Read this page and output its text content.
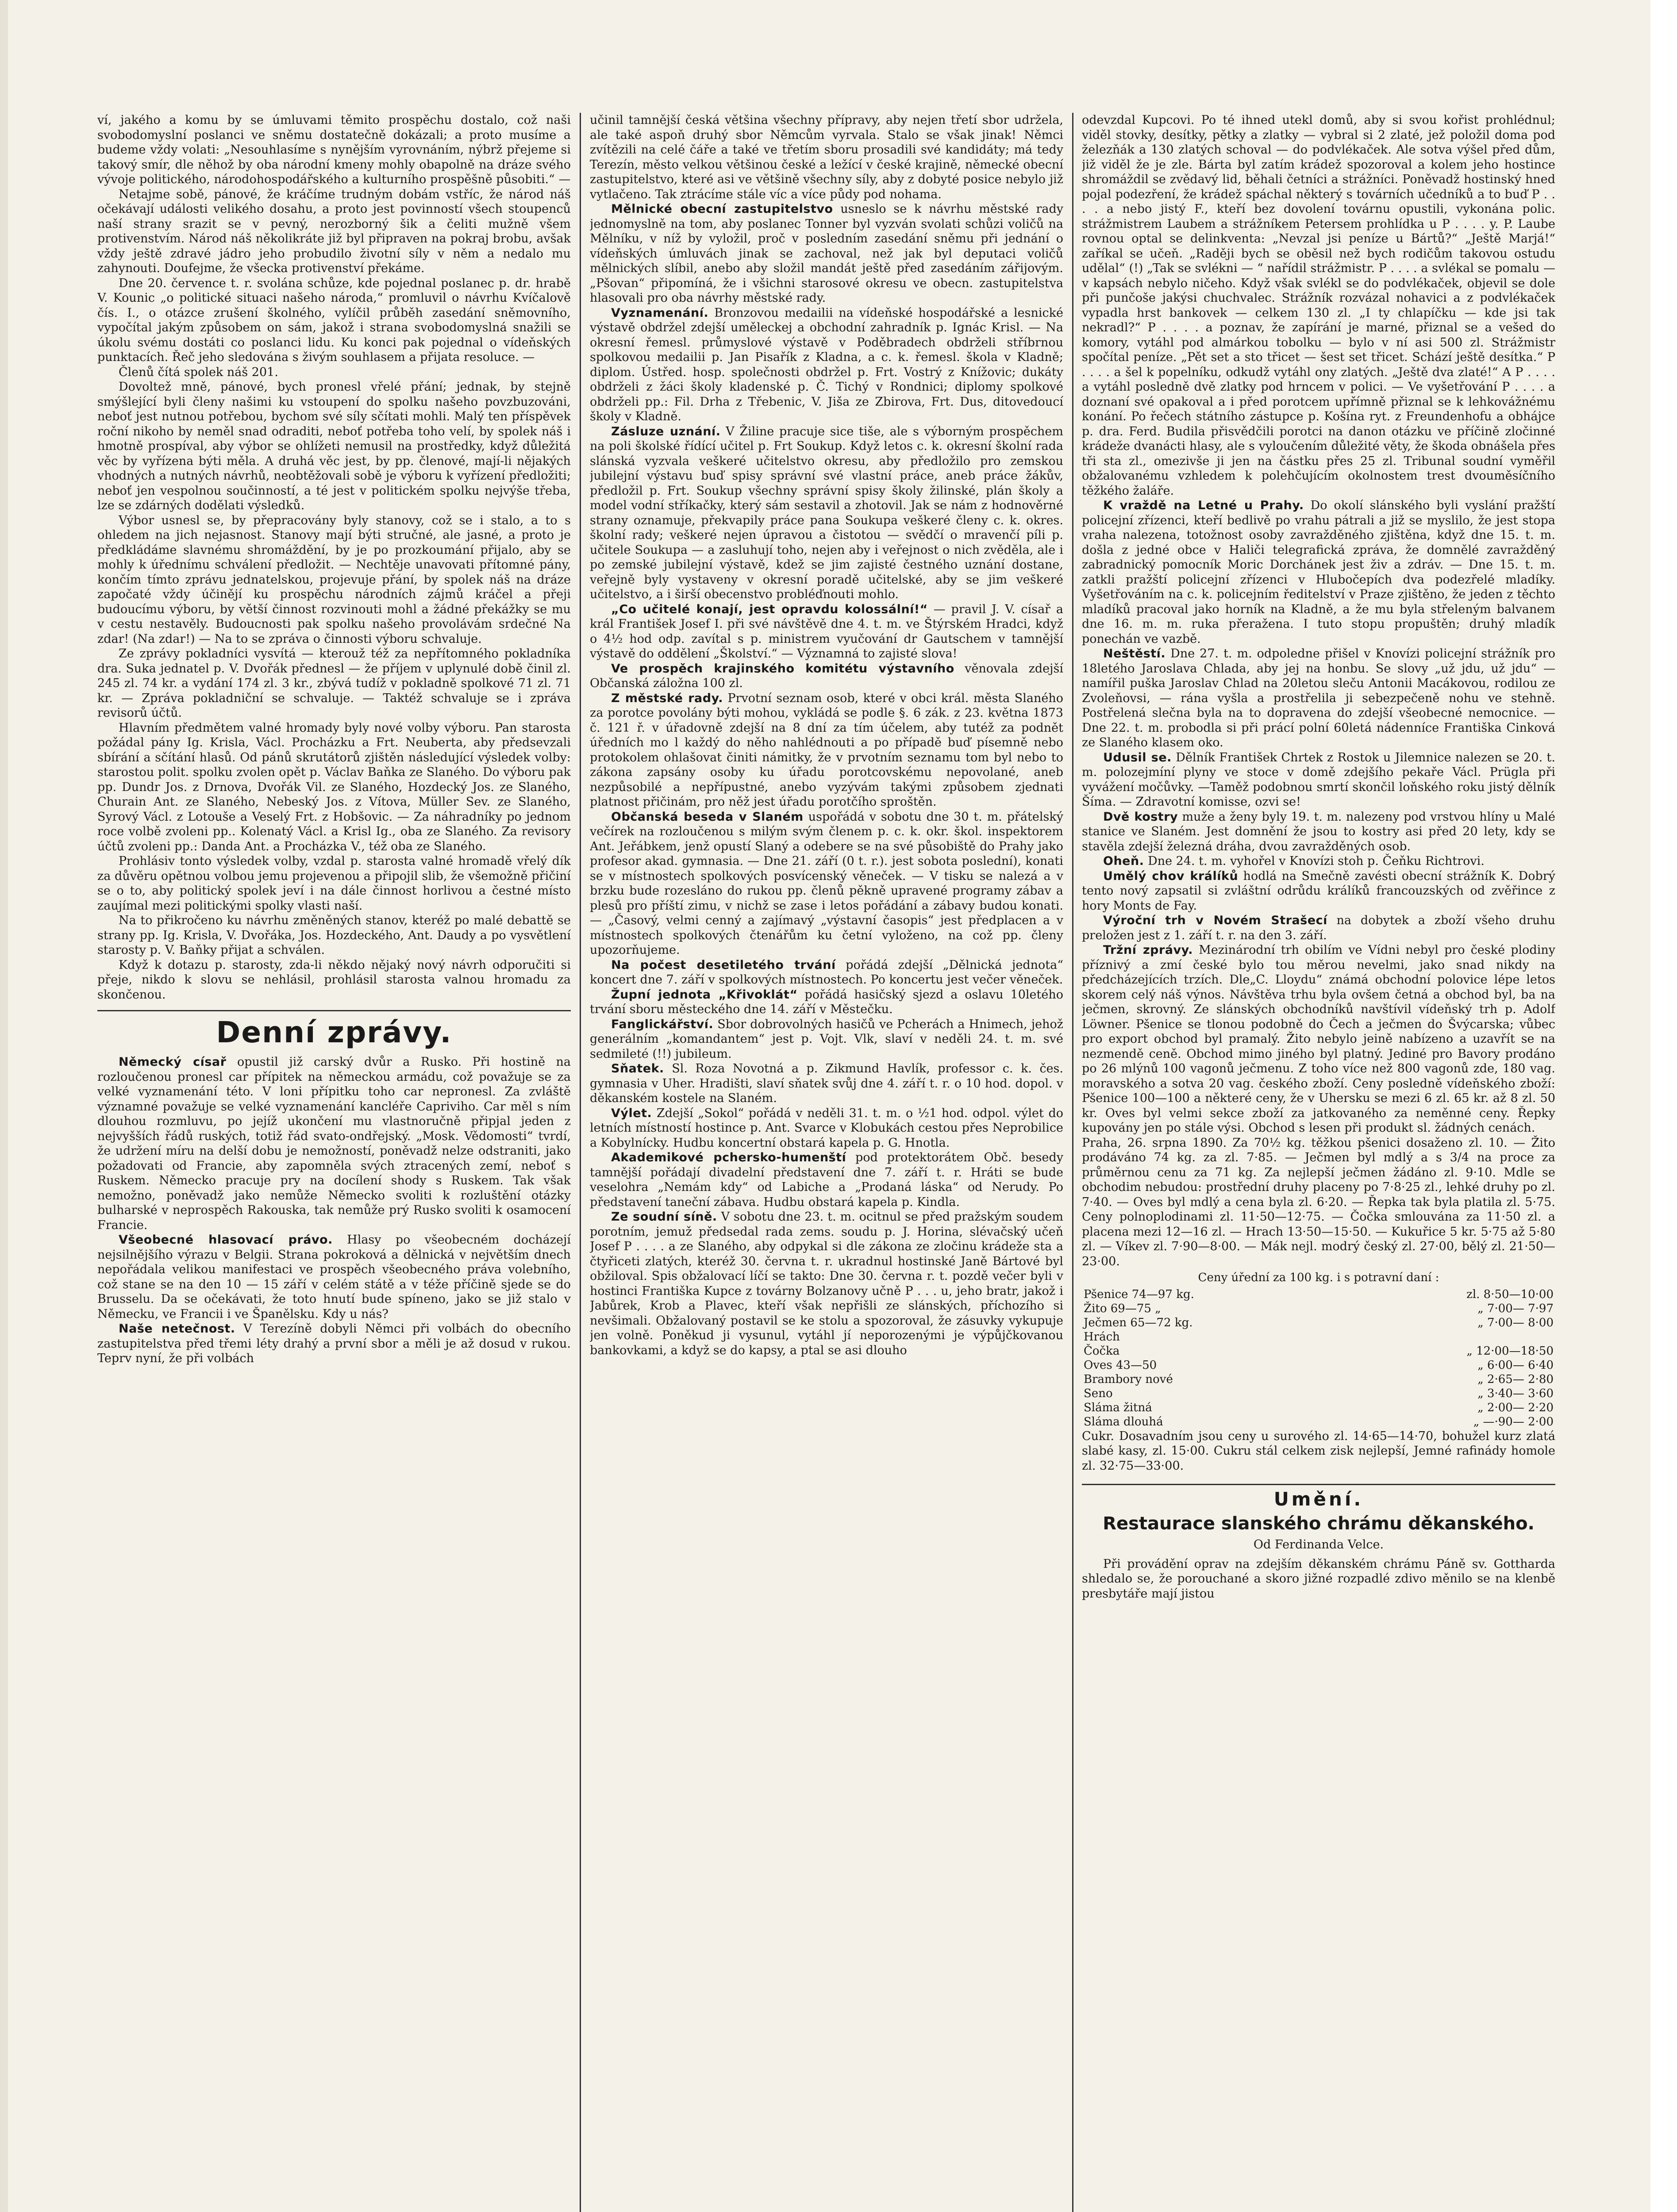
ví, jakého a komu by se úmluvami těmito prospěchu dostalo, což naši svobodomyslní poslanci ve sněmu dostatečně dokázali; a proto musíme a budeme vždy volati: „Nesouhlasíme s nynějším vyrovnáním, nýbrž přejeme si takový smír, dle něhož by oba národní kmeny mohly obapolně na dráze svého vývoje politického, národohospodářského a kulturního prospěšně působiti.“ —

Netajme sobě, pánové, že kráčíme trudným dobám vstříc, že národ náš očekávají události velikého dosahu, a proto jest povinností všech stoupenců naší strany srazit se v pevný, nerozborný šik a čeliti mužně všem protivenstvím. Národ náš několikráte již byl připraven na pokraj brobu, avšak vždy ještě zdravé jádro jeho probudilo životní síly v něm a nedalo mu zahynouti. Doufejme, že všecka protivenství překáme.

Dne 20. července t. r. svolána schůze, kde pojednal poslanec p. dr. hrabě V. Kounic „o politické situaci našeho národa,“ promluvil o návrhu Kvíčalově čís. I., o otázce zrušení školného, vylíčil průběh zasedání sněmovního, vypočítal jakým způsobem on sám, jakož i strana svobodomyslná snažili se úkolu svému dostáti co poslanci lidu. Ku konci pak pojednal o vídeňských punktacích. Řeč jeho sledována s živým souhlasem a přijata resoluce. —

Členů čítá spolek náš 201.

Dovoltež mně, pánové, bych pronesl vřelé přání; jednak, by stejně smýšlející byli členy našimi ku vstoupení do spolku našeho povzbuzováni, neboť jest nutnou potřebou, bychom své síly sčítati mohli. Malý ten příspěvek roční nikoho by neměl snad odraditi, neboť potřeba toho velí, by spolek náš i hmotně prospíval, aby výbor se ohlížeti nemusil na prostředky, když důležitá věc by vyřízena býti měla. A druhá věc jest, by pp. členové, mají-li nějakých vhodných a nutných návrhů, neobtěžovali sobě je výboru k vyřízení předložiti; neboť jen vespolnou součinností, a té jest v politickém spolku nejvýše třeba, lze se zdárných dodělati výsledků.

Výbor usnesl se, by přepracovány byly stanovy, což se i stalo, a to s ohledem na jich nejasnost. Stanovy mají býti stručné, ale jasné, a proto je předkládáme slavnému shromáždění, by je po prozkoumání přijalo, aby se mohly k úřednímu schválení předložit. — Nechtěje unavovati přítomné pány, končím tímto zprávu jednatelskou, projevuje přání, by spolek náš na dráze započaté vždy účinějí ku prospěchu národních zájmů kráčel a přeji budoucímu výboru, by větší činnost rozvinouti mohl a žádné překážky se mu v cestu nestavěly. Budoucnosti pak spolku našeho provolávám srdečné Na zdar! (Na zdar!) — Na to se zpráva o činnosti výboru schvaluje.

Ze zprávy pokladníci vysvítá — kterouž též za nepřítomného pokladníka dra. Suka jednatel p. V. Dvořák přednesl — že příjem v uplynulé době činil zl. 245 zl. 74 kr. a vydání 174 zl. 3 kr., zbývá tudíž v pokladně spolkové 71 zl. 71 kr. — Zpráva pokladniční se schvaluje. — Taktéž schvaluje se i zpráva revisorů účtů.

Hlavním předmětem valné hromady byly nové volby výboru. Pan starosta požádal pány Ig. Krisla, Václ. Procházku a Frt. Neuberta, aby předsevzali sbírání a sčítání hlasů. Od pánů skrutátorů zjištěn následující výsledek volby: starostou polit. spolku zvolen opět p. Václav Baňka ze Slaného. Do výboru pak pp. Dundr Jos. z Drnova, Dvořák Vil. ze Slaného, Hozdecký Jos. ze Slaného, Churain Ant. ze Slaného, Nebeský Jos. z Vítova, Müller Sev. ze Slaného, Syrový Václ. z Lotouše a Veselý Frt. z Hobšovic. — Za náhradníky po jednom roce volbě zvoleni pp.. Kolenatý Václ. a Krisl Ig., oba ze Slaného. Za revisory účtů zvoleni pp.: Danda Ant. a Procházka V., též oba ze Slaného.

Prohlásiv tonto výsledek volby, vzdal p. starosta valné hromadě vřelý dík za důvěru opětnou volbou jemu projevenou a připojil slib, že všemožně přičiní se o to, aby politický spolek jeví i na dále činnost horlivou a čestné místo zaujímal mezi politickými spolky vlasti naší.

Na to přikročeno ku návrhu změněných stanov, kteréž po malé debattě se strany pp. Ig. Krisla, V. Dvořáka, Jos. Hozdeckého, Ant. Daudy a po vysvětlení starosty p. V. Baňky přijat a schválen.

Když k dotazu p. starosty, zda-li někdo nějaký nový návrh odporučiti si přeje, nikdo k slovu se nehlásil, prohlásil starosta valnou hromadu za skončenou.

Denní zprávy.

Německý císař opustil již carský dvůr a Rusko. Při hostině na rozloučenou pronesl car přípitek na německou armádu, což považuje se za velké vyznamenání této. V loni přípitku toho car nepronesl. Za zvláště významné považuje se velké vyznamenání kancléře Capriviho. Car měl s ním dlouhou rozmluvu, po jejíž ukončení mu vlastnoručně připjal jeden z nejvyšších řádů ruských, totiž řád svato-ondřejský. „Mosk. Vědomosti“ tvrdí, že udržení míru na delší dobu je nemožností, poněvadž nelze odstraniti, jako požadovati od Francie, aby zapomněla svých ztracených zemí, neboť s Ruskem. Německo pracuje pry na docílení shody s Ruskem. Tak však nemožno, poněvadž jako nemůže Německo svoliti k rozluštění otázky bulharské v neprospěch Rakouska, tak nemůže prý Rusko svoliti k osamocení Francie.

Všeobecné hlasovací právo. Hlasy po všeobecném docházejí nejsilnějšího výrazu v Belgii. Strana pokroková a dělnická v největším dnech nepořádala velikou manifestaci ve prospěch všeobecného práva volebního, což stane se na den 10 — 15 září v celém státě a v téže příčině sjede se do Brusselu. Da se očekávati, že toto hnutí bude spíneno, jako se již stalo v Německu, ve Francii i ve Španělsku. Kdy u nás?

Naše netečnost. V Terezíně dobyli Němci při volbách do obecního zastupitelstva před třemi léty drahý a první sbor a měli je až dosud v rukou. Teprv nyní, že při volbách

učinil tamnější česká většina všechny přípravy, aby nejen třetí sbor udržela, ale také aspoň druhý sbor Němcům vyrvala. Stalo se však jinak! Němci zvítězili na celé čáře a také ve třetím sboru prosadili své kandidáty; má tedy Terezín, město velkou většinou české a ležící v české krajině, německé obecní zastupitelstvo, které asi ve většině všechny síly, aby z dobyté posice nebylo již vytlačeno. Tak ztrácíme stále víc a více půdy pod nohama.

Mělnické obecní zastupitelstvo usneslo se k návrhu městské rady jednomyslně na tom, aby poslanec Tonner byl vyzván svolati schůzi voličů na Mělníku, v níž by vyložil, proč v posledním zasedání sněmu při jednání o vídeňských úmluvách jinak se zachoval, než jak byl deputaci voličů mělnických slíbil, anebo aby složil mandát ještě před zasedáním zářijovým. „Pšovan“ připomíná, že i všichni starosové okresu ve obecn. zastupitelstva hlasovali pro oba návrhy městské rady.

Vyznamenání. Bronzovou medailii na vídeňské hospodářské a lesnické výstavě obdržel zdejší uměleckej a obchodní zahradník p. Ignác Krisl. — Na okresní řemesl. průmyslové výstavě v Poděbradech obdrželi stříbrnou spolkovou medailii p. Jan Pisařík z Kladna, a c. k. řemesl. škola v Kladně; diplom. Ústřed. hosp. společnosti obdržel p. Frt. Vostrý z Knížovic; dukáty obdrželi z žáci školy kladenské p. Č. Tichý v Rondnici; diplomy spolkové obdrželi pp.: Fil. Drha z Třebenic, V. Jiša ze Zbirova, Frt. Dus, ditovedoucí školy v Kladně.

Zásluze uznání. V Žiline pracuje sice tiše, ale s výborným prospěchem na poli školské řídící učitel p. Frt Soukup. Když letos c. k. okresní školní rada slánská vyzvala veškeré učitelstvo okresu, aby předložilo pro zemskou jubilejní výstavu buď spisy správní své vlastní práce, aneb práce žákův, předložil p. Frt. Soukup všechny správní spisy školy žilinské, plán školy a model vodní stříkačky, který sám sestavil a zhotovil. Jak se nám z hodnověrné strany oznamuje, překvapily práce pana Soukupa veškeré členy c. k. okres. školní rady; veškeré nejen úpravou a čistotou — svědčí o mravenčí píli p. učitele Soukupa — a zasluhují toho, nejen aby i veřejnost o nich zvěděla, ale i po zemské jubilejní výstavě, kdež se jim zajisté čestného uznání dostane, veřejně byly vystaveny v okresní poradě učitelské, aby se jim veškeré učitelstvo, a i širší obecenstvo probléďnouti mohlo.

„Co učitelé konají, jest opravdu kolossální!“ — pravil J. V. císař a král František Josef I. při své návštěvě dne 4. t. m. ve Štýrském Hradci, když o 4½ hod odp. zavítal s p. ministrem vyučování dr Gautschem v tamnější výstavě do oddělení „Školství.“ — Významná to zajisté slova!

Ve prospěch krajinského komitétu výstavního věnovala zdejší Občanská záložna 100 zl.

Z městské rady. Prvotní seznam osob, které v obci král. města Slaného za porotce povolány býti mohou, vykládá se podle §. 6 zák. z 23. května 1873 č. 121 ř. v úřadovně zdejší na 8 dní za tím účelem, aby tutéž za podnět úředních mo l každý do něho nahlédnouti a po případě buď písemně nebo protokolem ohlašovat činiti námitky, že v prvotním seznamu tom byl nebo to zákona zapsány osoby ku úřadu porotcovskému nepovolané, aneb nezpůsobilé a nepřípustné, anebo vyzývám takými způsobem zjednati platnost přičinám, pro něž jest úřadu porotčího sproštěn.

Občanská beseda v Slaném uspořádá v sobotu dne 30 t. m. přátelský večírek na rozloučenou s milým svým členem p. c. k. okr. škol. inspektorem Ant. Jeřábkem, jenž opustí Slaný a odebere se na své působiště do Prahy jako profesor akad. gymnasia. — Dne 21. září (0 t. r.). jest sobota poslední), konati se v místnostech spolkových posvícenský věneček. — V tisku se nalezá a v brzku bude rozesláno do rukou pp. členů pěkně upravené programy zábav a plesů pro příští zimu, v nichž se zase i letos pořádání a zábavy budou konati. — „Časový, velmi cenný a zajímavý „výstavní časopis“ jest předplacen a v místnostech spolkových čtenářům ku četní vyloženo, na což pp. členy upozorňujeme.

Na počest desetiletého trvání pořádá zdejší „Dělnická jednota“ koncert dne 7. září v spolkových místnostech. Po koncertu jest večer věneček.

Župní jednota „Křivoklát“ pořádá hasičský sjezd a oslavu 10letého trvání sboru městeckého dne 14. září v Městečku.

Fanglickářství. Sbor dobrovolných hasičů ve Pcherách a Hnimech, jehož generálním „komandantem“ jest p. Vojt. Vlk, slaví v neděli 24. t. m. své sedmileté (!!) jubileum.

Sňatek. Sl. Roza Novotná a p. Zikmund Havlík, professor c. k. čes. gymnasia v Uher. Hradišti, slaví sňatek svůj dne 4. září t. r. o 10 hod. dopol. v děkanském kostele na Slaném.

Výlet. Zdejší „Sokol“ pořádá v neděli 31. t. m. o ½1 hod. odpol. výlet do letních místností hostince p. Ant. Svarce v Klobukách cestou přes Neprobilice a Kobylnícky. Hudbu koncertní obstará kapela p. G. Hnotla.

Akademikové pchersko-humenští pod protektorátem Obč. besedy tamnější pořádají divadelní představení dne 7. září t. r. Hráti se bude veselohra „Nemám kdy“ od Labiche a „Prodaná láska“ od Nerudy. Po představení taneční zábava. Hudbu obstará kapela p. Kindla.

Ze soudní síně. V sobotu dne 23. t. m. ocitnul se před pražským soudem porotním, jemuž předsedal rada zems. soudu p. J. Horina, slévačský učeň Josef P . . . . a ze Slaného, aby odpykal si dle zákona ze zločinu krádeže sta a čtyřiceti zlatých, kteréž 30. června t. r. ukradnul hostinské Janě Bártové byl obžiloval. Spis obžalovací líčí se takto: Dne 30. června r. t. pozdě večer byli v hostinci Františka Kupce z továrny Bolzanovy učně P . . . u, jeho bratr, jakož i Jabůrek, Krob a Plavec, kteří však nepřišli ze slánských, příchozího si nevšimali. Obžalovaný postavil se ke stolu a spozoroval, že zásuvky vykupuje jen volně. Poněkud ji vysunul, vytáhl jí neporozenými je výpůjčkovanou bankovkami, a když se do kapsy, a ptal se asi dlouho

odevzdal Kupcovi. Po té ihned utekl domů, aby si svou kořist prohlédnul; viděl stovky, desítky, pětky a zlatky — vybral si 2 zlaté, jež položil doma pod železňák a 130 zlatých schoval — do podvlékaček. Ale sotva výšel před dům, již viděl že je zle. Bárta byl zatím krádež spozoroval a kolem jeho hostince shromáždil se zvědavý lid, běhali četníci a strážníci. Poněvadž hostinský hned pojal podezření, že krádež spáchal některý s továrních učedníků a to buď P . . . . a nebo jistý F., kteří bez dovolení továrnu opustili, vykonána polic. strážmistrem Laubem a strážníkem Petersem prohlídka u P . . . . y. P. Laube rovnou optal se delinkventa: „Nevzal jsi peníze u Bártů?“ „Ještě Marjá!“ zaříkal se učeň. „Raději bych se oběsil než bych rodičům takovou ostudu udělal“ (!) „Tak se svlékni — “ nařídil strážmistr. P . . . . a svlékal se pomalu — v kapsách nebylo ničeho. Když však svlékl se do podvlékaček, objevil se dole při punčoše jakýsi chuchvalec. Strážník rozvázal nohavici a z podvlékaček vypadla hrst bankovek — celkem 130 zl. „I ty chlapíčku — kde jsi tak nekradl?“ P . . . . a poznav, že zapírání je marné, přiznal se a vešed do komory, vytáhl pod almárkou tobolku — bylo v ní asi 500 zl. Strážmistr spočítal peníze. „Pět set a sto třicet — šest set třicet. Schází ještě desítka.“ P . . . . a šel k popelníku, odkudž vytáhl ony zlatých. „Ještě dva zlaté!“ A P . . . . a vytáhl posledně dvě zlatky pod hrncem v polici. — Ve vyšetřování P . . . . a doznaní své opakoval a i před porotcem upřímně přiznal se k lehkovážnému konání. Po řečech státního zástupce p. Košína ryt. z Freundenhofu a obhájce p. dra. Ferd. Budila přisvědčili porotci na danon otázku ve příčině zločinné krádeže dvanácti hlasy, ale s vyloučením důležité věty, že škoda obnášela přes tři sta zl., omezivše ji jen na částku přes 25 zl. Tribunal soudní vyměřil obžalovanému vzhledem k polehčujícím okolnostem trest dvouměsíčního těžkého žaláře.

K vraždě na Letné u Prahy. Do okolí slánského byli vyslání pražští policejní zřízenci, kteří bedlivě po vrahu pátrali a již se myslilo, že jest stopa vraha nalezena, totožnost osoby zavražděného zjištěna, když dne 15. t. m. došla z jedné obce v Haliči telegrafická zpráva, že domnělé zavražděný zabradnický pomocník Moric Dorchánek jest živ a zdráv. — Dne 15. t. m. zatkli pražští policejní zřízenci v Hlubočepích dva podezřelé mladíky. Vyšetřováním na c. k. policejním ředitelství v Praze zjištěno, že jeden z těchto mladíků pracoval jako horník na Kladně, a že mu byla střeleným balvanem dne 16. m. m. ruka přeražena. I tuto stopu propuštěn; druhý mladík ponechán ve vazbě.

Neštěstí. Dne 27. t. m. odpoledne přišel v Knovízi policejní strážník pro 18letého Jaroslava Chlada, aby jej na honbu. Se slovy „už jdu, už jdu“ — namířil puška Jaroslav Chlad na 20letou sleču Antonii Macákovou, rodilou ze Zvoleňovsi, — rána vyšla a prostřelila ji sebezpečeně nohu ve stehně. Postřelená slečna byla na to dopravena do zdejší všeobecné nemocnice. — Dne 22. t. m. probodla si při prácí polní 60letá nádenníce Františka Cinková ze Slaného klasem oko.

Udusil se. Dělník František Chrtek z Rostok u Jilemnice nalezen se 20. t. m. polozejmíní plyny ve stoce v domě zdejšího pekaře Václ. Prügla při vyvážení močůvky. —Taměž podobnou smrtí skončil loňského roku jistý dělník Šíma. — Zdravotní komisse, ozvi se!

Dvě kostry muže a ženy byly 19. t. m. nalezeny pod vrstvou hlíny u Malé stanice ve Slaném. Jest domnění že jsou to kostry asi před 20 lety, kdy se stavěla zdejší železná dráha, dvou zavražděných osob.

Oheň. Dne 24. t. m. vyhořel v Knovízi stoh p. Čeňku Richtrovi.

Umělý chov králíků hodlá na Smečně zavésti obecní strážník K. Dobrý tento nový zapsatil si zvláštní odrůdu králíků francouzských od zvěřince z hory Monts de Fay.

Výroční trh v Novém Strašecí na dobytek a zboží všeho druhu preložen jest z 1. září t. r. na den 3. září.

Tržní zprávy. Mezinárodní trh obilím ve Vídni nebyl pro české plodiny příznivý a zmí české bylo tou měrou nevelmi, jako snad nikdy na předcházejících trzích. Dle„C. Lloydu“ známá obchodní polovice lépe letos skorem celý náš výnos. Návštěva trhu byla ovšem četná a obchod byl, ba na ječmen, skrovný. Ze slánských obchodníků navštívil vídeňský trh p. Adolf Löwner. Pšenice se tlonou podobně do Čech a ječmen do Švýcarska; vůbec pro export obchod byl pramalý. Žito nebylo jeině nabízeno a uzavřít se na nezmendě ceně. Obchod mimo jiného byl platný. Jediné pro Bavory prodáno po 26 mlýnů 100 vagonů ječmenu. Z toho více než 800 vagonů zde, 180 vag. moravského a sotva 20 vag. českého zboží. Ceny posledně vídeňského zboží: Pšenice 100—100 a některé ceny, že v Uhersku se mezi 6 zl. 65 kr. až 8 zl. 50 kr. Oves byl velmi sekce zboží za jatkovaného za neměnné ceny. Řepky kupovány jen po stále výsi. Obchod s lesen při produkt sl. žádných cenách.

Praha, 26. srpna 1890. Za 70½ kg. těžkou pšenici dosaženo zl. 10. — Žito prodáváno 74 kg. za zl. 7·85. — Ječmen byl mdlý a s 3/4 na proce za průměrnou cenu za 71 kg. Za nejlepší ječmen žádáno zl. 9·10. Mdle se obchodim nebudou: prostřední druhy placeny po 7·8·25 zl., lehké druhy po zl. 7·40. — Oves byl mdlý a cena byla zl. 6·20. — Řepka tak byla platila zl. 5·75. Ceny polnoplodinami zl. 11·50—12·75. — Čočka smlouvána za 11·50 zl. a placena mezi 12—16 zl. — Hrach 13·50—15·50. — Kukuřice 5 kr. 5·75 až 5·80 zl. — Víkev zl. 7·90—8·00. — Mák nejl. modrý český zl. 27·00, bělý zl. 21·50—23·00.

Ceny úřední za 100 kg. i s potravní daní :
Pšenice 74—97 kg.	zl. 8·50—10·00
Žito 69—75 „	„ 7·00— 7·97
Ječmen 65—72 kg.	„ 7·00— 8·00
Hrách	
Čočka	„ 12·00—18·50
Oves 43—50	„ 6·00— 6·40
Brambory nové	„ 2·65— 2·80
Seno	„ 3·40— 3·60
Sláma žitná	„ 2·00— 2·20
Sláma dlouhá	„ —·90— 2·00

Cukr. Dosavadním jsou ceny u surového zl. 14·65—14·70, bohužel kurz zlatá slabé kasy, zl. 15·00. Cukru stál celkem zisk nejlepší, Jemné rafinády homole zl. 32·75—33·00.

Umění.
Restaurace slanského chrámu děkanského.
Od Ferdinanda Velce.

Při provádění oprav na zdejším děkanském chrámu Páně sv. Gottharda shledalo se, že porouchané a skoro jižné rozpadlé zdivo měnilo se na klenbě presbytáře mají jistou
